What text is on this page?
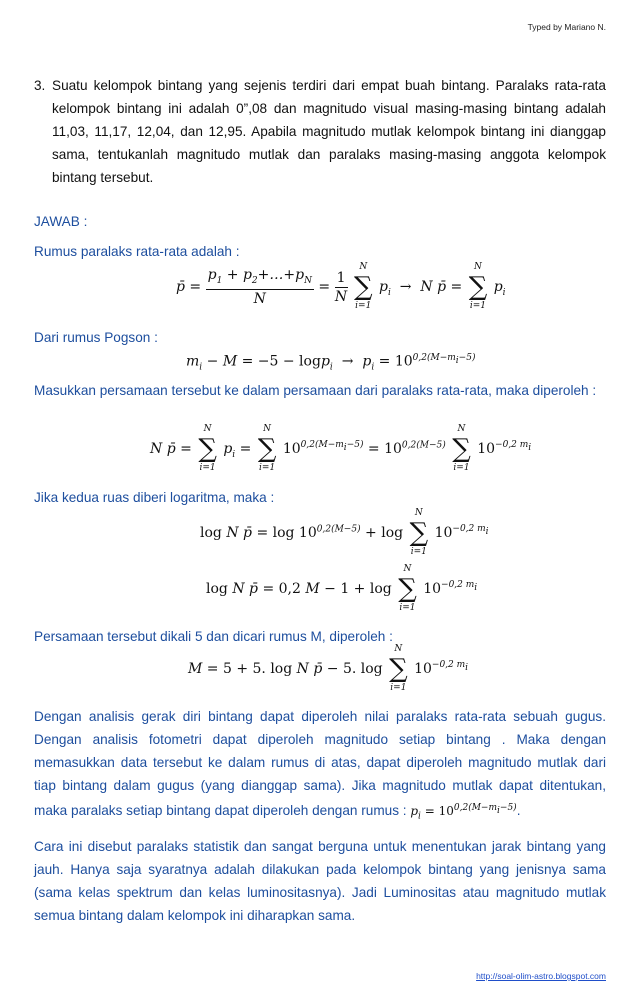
Typed by Mariano N.
3. Suatu kelompok bintang yang sejenis terdiri dari empat buah bintang. Paralaks rata-rata kelompok bintang ini adalah 0”,08 dan magnitudo visual masing-masing bintang adalah 11,03, 11,17, 12,04, dan 12,95. Apabila magnitudo mutlak kelompok bintang ini dianggap sama, tentukanlah magnitudo mutlak dan paralaks masing-masing anggota kelompok bintang tersebut.
JAWAB :
Rumus paralaks rata-rata adalah :
p̄ = $\frac{p_1 + p_2+\dots+p_N}{N} = \frac{1}{N}$

N
∑
i=1
$p_i \to N$ p̄ =
N
∑
i=1
$p_i$
Dari rumus Pogson :
$m_i - M = -5 - \log p_i \to p_i = 10^{0,2(M-m_i-5)}$
Masukkan persamaan tersebut ke dalam persamaan dari paralaks rata-rata, maka diperoleh :
N p̄ =
N
∑
i=1
$p_i$ =
N
∑
i=1
$10^{0,2(M-m_i-5)} = 10^{0,2(M-5)}$
N
∑
i=1
$10^{-0,2 m_i}$
Jika kedua ruas diberi logaritma, maka :
log N p̄ = $\log 10^{0,2(M-5)} + \log$
N
∑
i=1
$10^{-0,2 m_i}$
log N p̄ = 0,2 M − 1 + log
N
∑
i=1
$10^{-0,2 m_i}$
Persamaan tersebut dikali 5 dan dicari rumus M, diperoleh :
M = 5 + 5. log N p̄ − 5. log
N
∑
i=1
$10^{-0,2 m_i}$
Dengan analisis gerak diri bintang dapat diperoleh nilai paralaks rata-rata sebuah gugus. Dengan analisis fotometri dapat diperoleh magnitudo setiap bintang . Maka dengan memasukkan data tersebut ke dalam rumus di atas, dapat diperoleh magnitudo mutlak dari tiap bintang dalam gugus (yang dianggap sama). Jika magnitudo mutlak dapat ditentukan, maka paralaks setiap bintang dapat diperoleh dengan rumus : $p_i = 10^{0,2(M-m_i-5)}$.
Cara ini disebut paralaks statistik dan sangat berguna untuk menentukan jarak bintang yang jauh. Hanya saja syaratnya adalah dilakukan pada kelompok bintang yang jenisnya sama (sama kelas spektrum dan kelas luminositasnya). Jadi Luminositas atau magnitudo mutlak semua bintang dalam kelompok ini diharapkan sama.
http://soal-olim-astro.blogspot.com
